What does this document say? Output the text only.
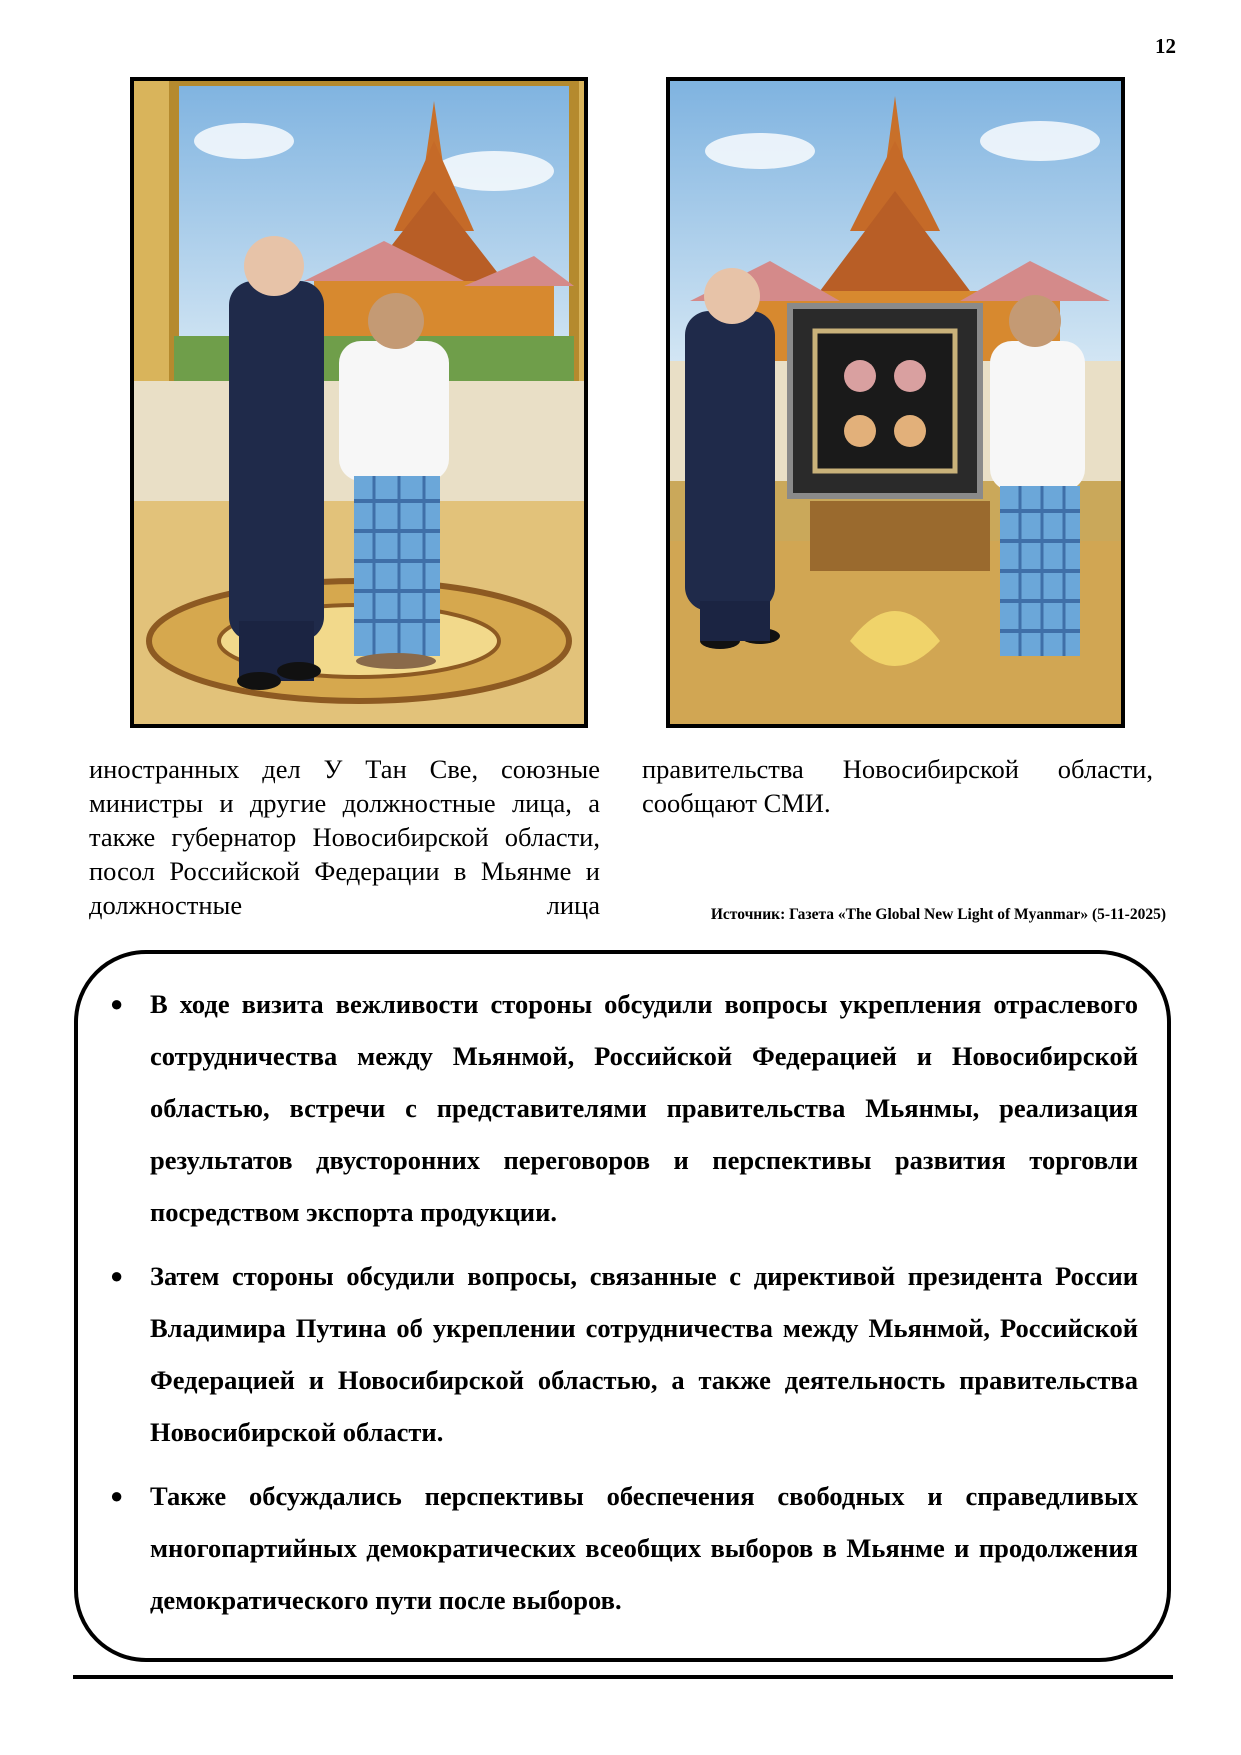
12
иностранных дел У Тан Све, союзные министры и другие должностные лица, а также губернатор Новосибирской области, посол Российской Федерации в Мьянме и должностные лица
правительства Новосибирской области, сообщают СМИ.
Источник: Газета «The Global New Light of Myanmar» (5-11-2025)
● В ходе визита вежливости стороны обсудили вопросы укрепления отраслевого сотрудничества между Мьянмой, Российской Федерацией и Новосибирской областью, встречи с представителями правительства Мьянмы, реализация результатов двусторонних переговоров и перспективы развития торговли посредством экспорта продукции.
● Затем стороны обсудили вопросы, связанные с директивой президента России Владимира Путина об укреплении сотрудничества между Мьянмой, Российской Федерацией и Новосибирской областью, а также деятельность правительства Новосибирской области.
● Также обсуждались перспективы обеспечения свободных и справедливых многопартийных демократических всеобщих выборов в Мьянме и продолжения демократического пути после выборов.
